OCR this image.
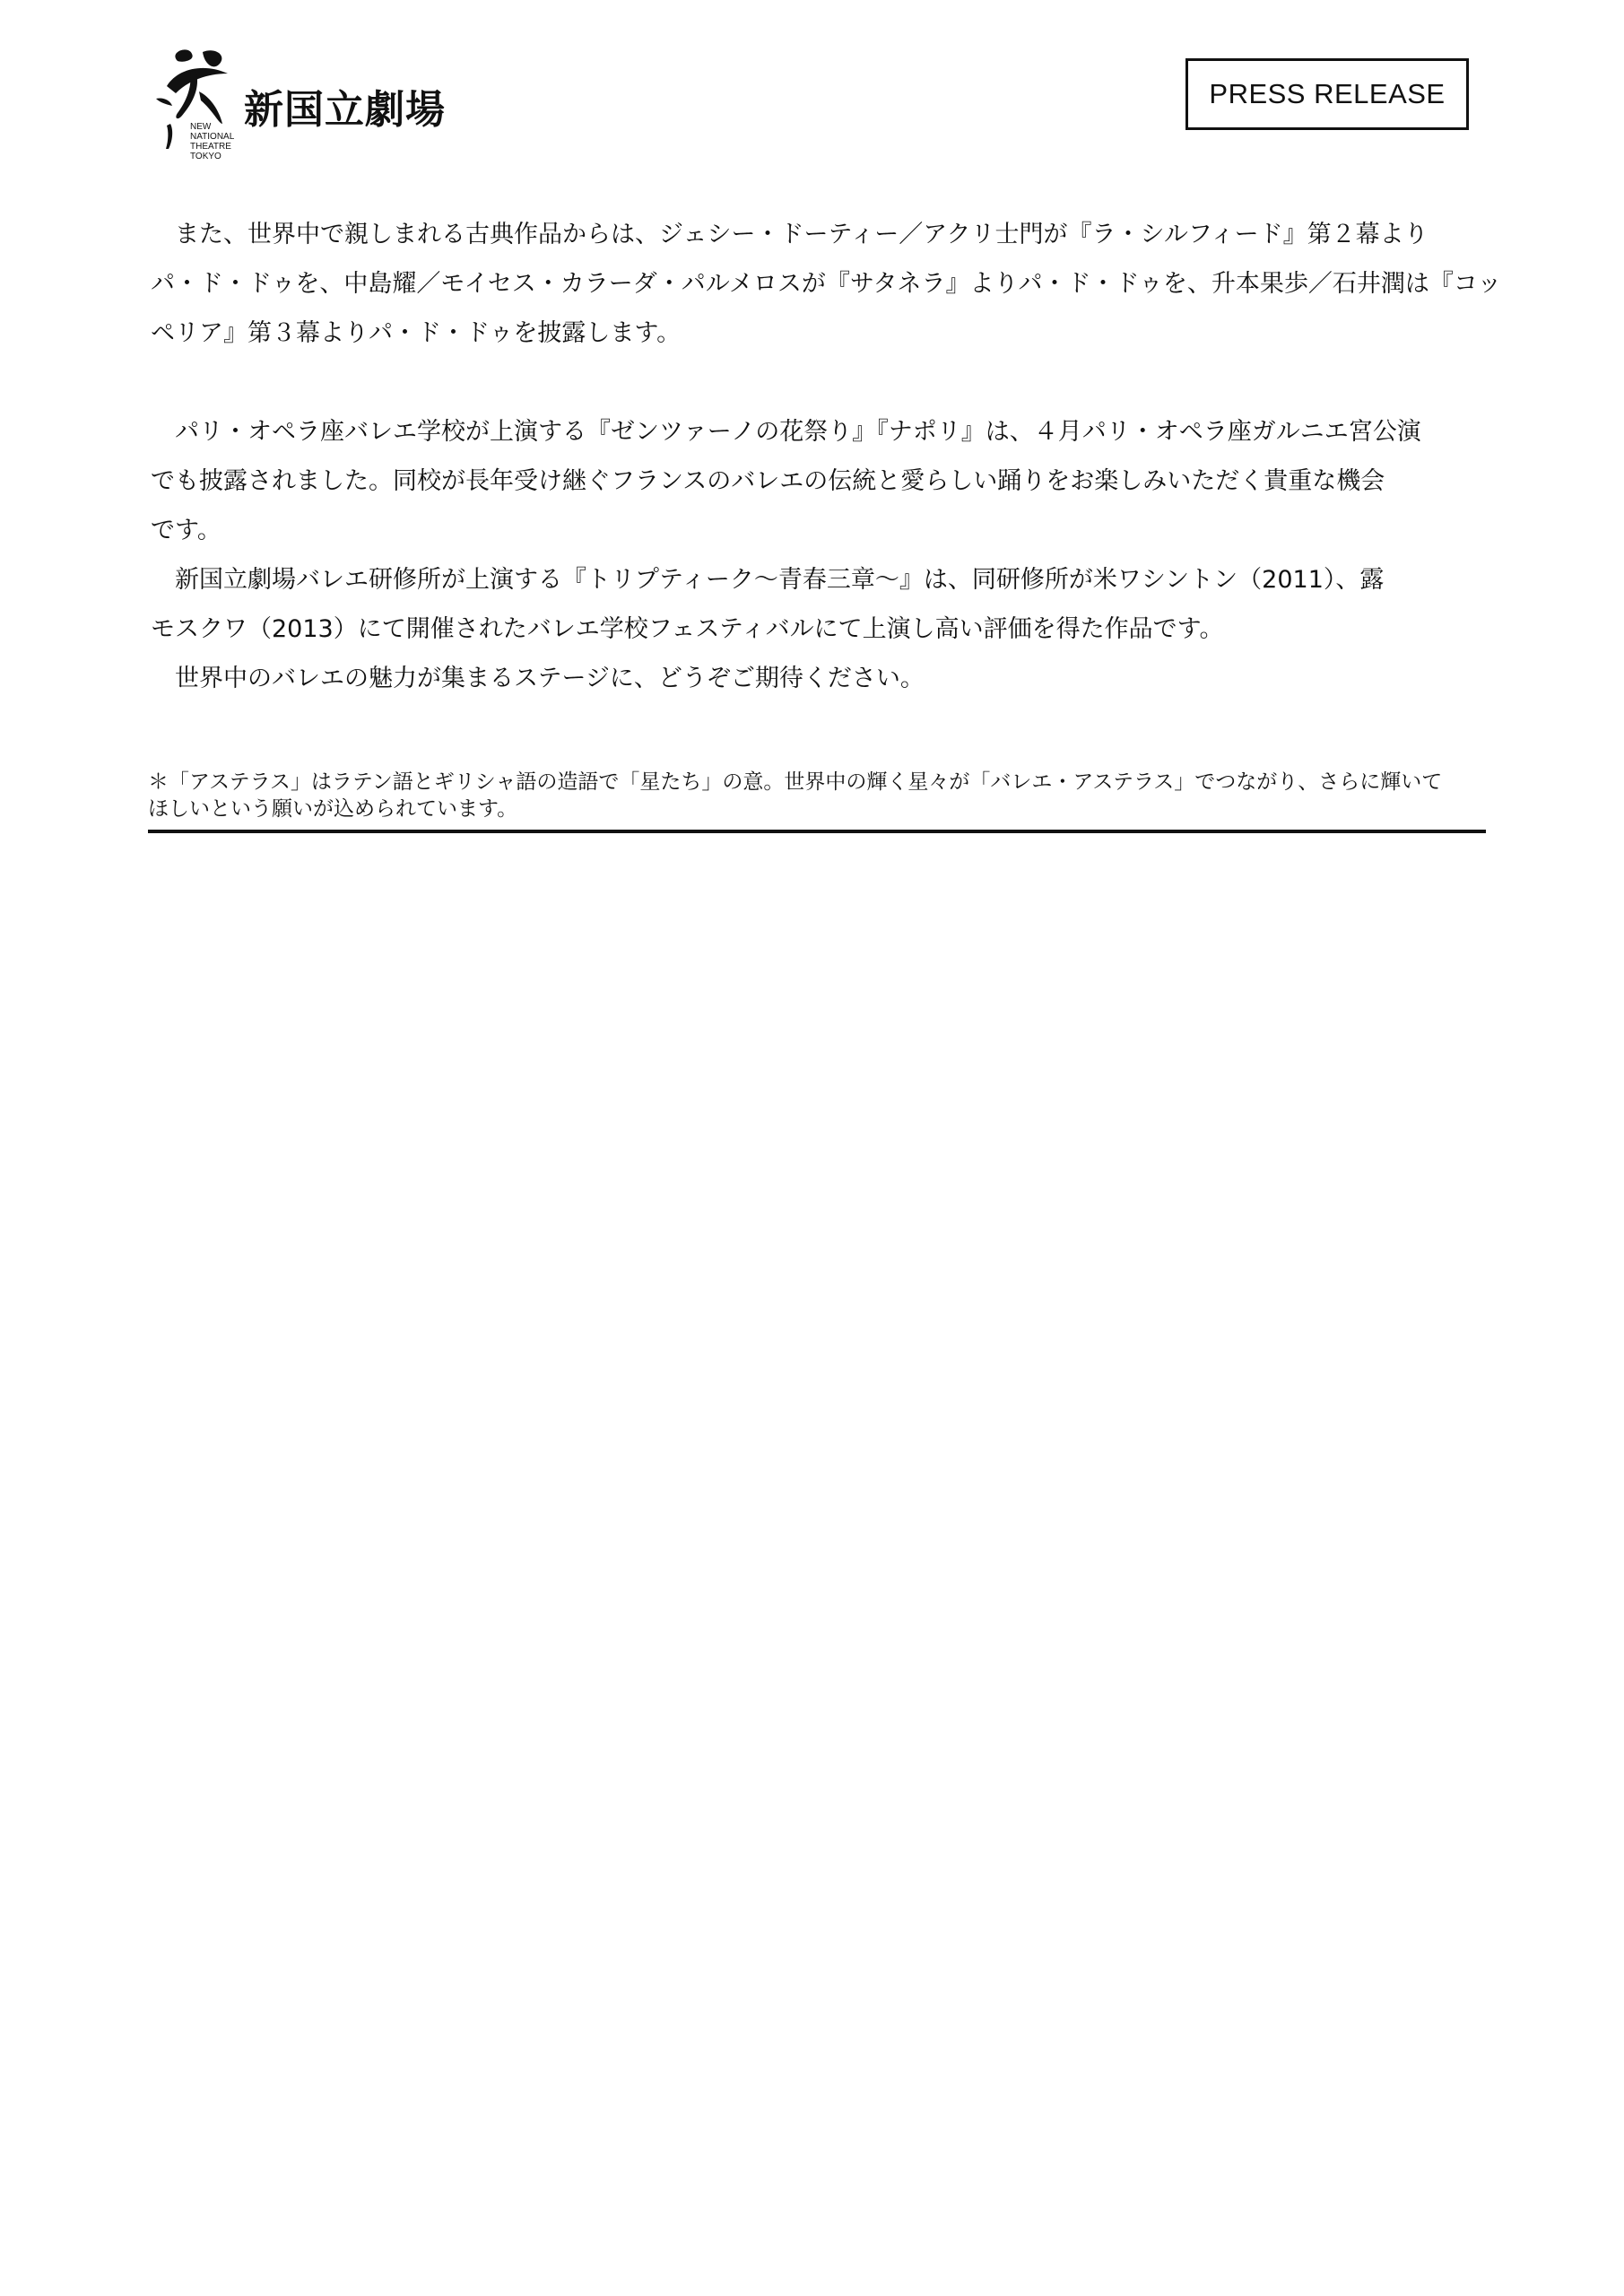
新国立劇場
NEW
NATIONAL
THEATRE
TOKYO
PRESS RELEASE

　また、世界中で親しまれる古典作品からは、ジェシー・ドーティー／アクリ士門が『ラ・シルフィード』第２幕より

パ・ド・ドゥを、中島耀／モイセス・カラーダ・パルメロスが『サタネラ』よりパ・ド・ドゥを、升本果歩／石井潤は『コッ

ペリア』第３幕よりパ・ド・ドゥを披露します。

　パリ・オペラ座バレエ学校が上演する『ゼンツァーノの花祭り』『ナポリ』は、４月パリ・オペラ座ガルニエ宮公演

でも披露されました。同校が長年受け継ぐフランスのバレエの伝統と愛らしい踊りをお楽しみいただく貴重な機会

です。

　新国立劇場バレエ研修所が上演する『トリプティーク～青春三章～』は、同研修所が米ワシントン（2011）、露

モスクワ（2013）にて開催されたバレエ学校フェスティバルにて上演し高い評価を得た作品です。

　世界中のバレエの魅力が集まるステージに、どうぞご期待ください。

＊「アステラス」はラテン語とギリシャ語の造語で「星たち」の意。世界中の輝く星々が「バレエ・アステラス」でつながり、さらに輝いて

ほしいという願いが込められています。
